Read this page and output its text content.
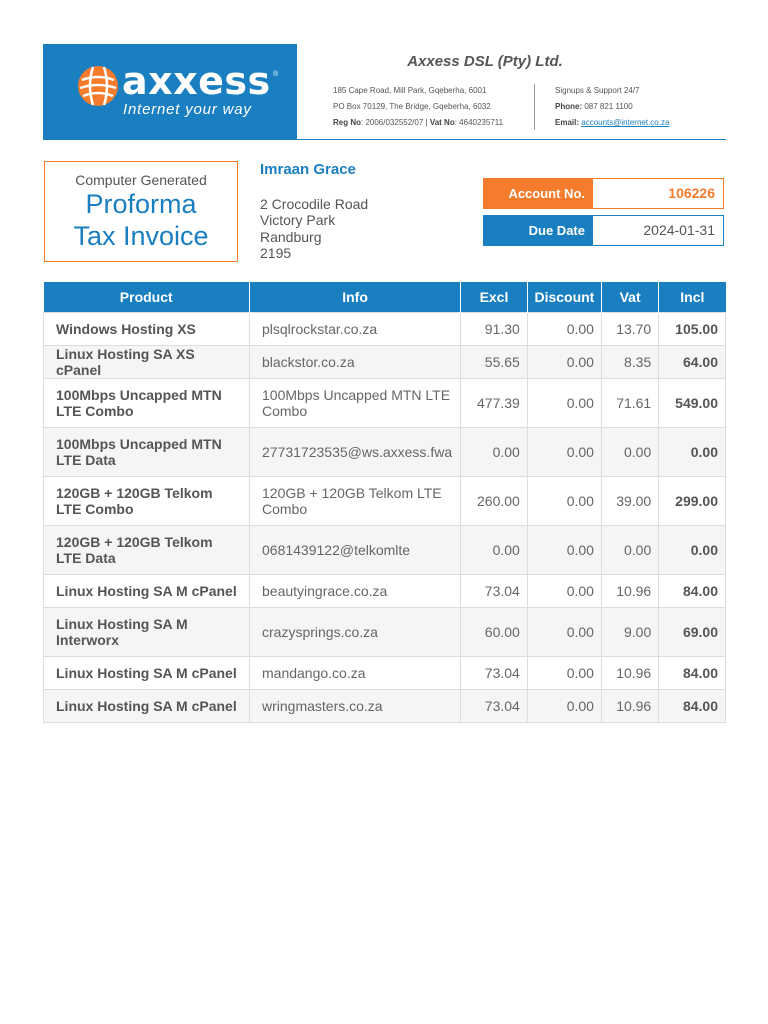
axxess ®
Internet your way
Axxess DSL (Pty) Ltd.
185 Cape Road, Mill Park, Gqeberha, 6001
PO Box 70129, The Bridge, Gqeberha, 6032
Reg No: 2006/032552/07 | Vat No: 4640235711
Signups & Support 24/7
Phone: 087 821 1100
Email: accounts@internet.co.za
Computer Generated
Proforma
Tax Invoice
Imraan Grace
2 Crocodile Road
Victory Park
Randburg
2195
Account No.	106226
Due Date	2024-01-31
Product	Info	Excl	Discount	Vat	Incl
Windows Hosting XS	plsqlrockstar.co.za	91.30	0.00	13.70	105.00
Linux Hosting SA XS cPanel	blackstor.co.za	55.65	0.00	8.35	64.00
100Mbps Uncapped MTN LTE Combo	100Mbps Uncapped MTN LTE Combo	477.39	0.00	71.61	549.00
100Mbps Uncapped MTN LTE Data	27731723535@ws.axxess.fwa	0.00	0.00	0.00	0.00
120GB + 120GB Telkom LTE Combo	120GB + 120GB Telkom LTE Combo	260.00	0.00	39.00	299.00
120GB + 120GB Telkom LTE Data	0681439122@telkomlte	0.00	0.00	0.00	0.00
Linux Hosting SA M cPanel	beautyingrace.co.za	73.04	0.00	10.96	84.00
Linux Hosting SA M Interworx	crazysprings.co.za	60.00	0.00	9.00	69.00
Linux Hosting SA M cPanel	mandango.co.za	73.04	0.00	10.96	84.00
Linux Hosting SA M cPanel	wringmasters.co.za	73.04	0.00	10.96	84.00
